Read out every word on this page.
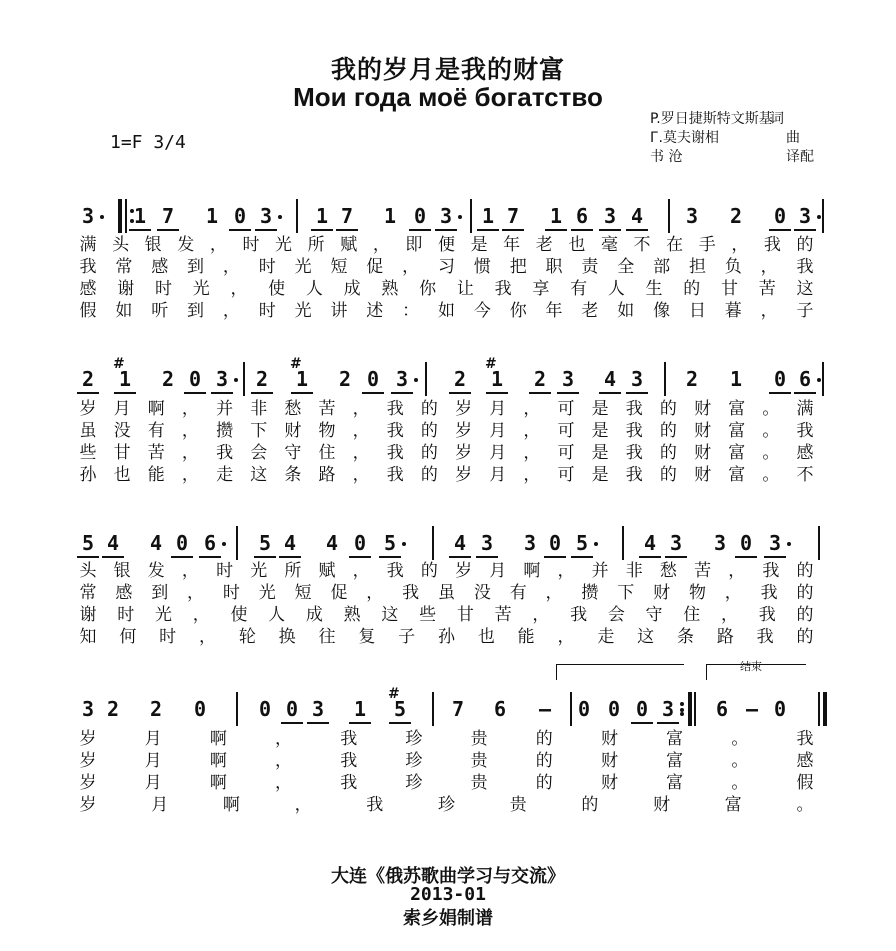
我的岁月是我的财富
Мои года моё богатство
1=F 3/4
P.罗日捷斯特文斯基词
Г.莫夫谢相	曲
书 沧	译配
3 1 7 1 0 3 1 7 1 0 3 1 7 1 6 3 4 3 2 0 3
满 头 银 发 ， 时 光 所 赋 ， 即 便 是 年 老 也 毫 不 在 手 ， 我 的
我 常 感 到 ， 时 光 短 促 ， 习 惯 把 职 责 全 部 担 负 ， 我
感 谢 时 光 ， 使 人 成 熟 你 让 我 享 有 人 生 的 甘 苦 这
假 如 听 到 ， 时 光 讲 述 ： 如 今 你 年 老 如 像 日 暮 ， 子
2 1
#
2 0 3 2 1
#
2 0 3 2 1
#
2 3 4 3 2 1 0 6
岁 月 啊 ， 并 非 愁 苦 ， 我 的 岁 月 ， 可 是 我 的 财 富 。 满
虽 没 有 ， 攒 下 财 物 ， 我 的 岁 月 ， 可 是 我 的 财 富 。 我
些 甘 苦 ， 我 会 守 住 ， 我 的 岁 月 ， 可 是 我 的 财 富 。 感
孙 也 能 ， 走 这 条 路 ， 我 的 岁 月 ， 可 是 我 的 财 富 。 不
5 4 4 0 6 5 4 4 0 5	4 3 3 0 5	4 3 3 0 3
头 银 发 ， 时 光 所 赋 ， 我 的 岁 月 啊 ， 并 非 愁 苦 ， 我 的
常 感 到 ， 时 光 短 促 ， 我 虽 没 有 ， 攒 下 财 物 ， 我 的
谢 时 光 ， 使 人 成 熟 这 些 甘 苦 ， 我 会 守 住 ， 我 的
知 何 时 ， 轮 换 往 复 子 孙 也 能 ， 走 这 条 路 我 的
3 2 2 0	0 0 3 1 5
#
7 6 – 0 0 0 3 6 – 0
岁	月	啊	，	我	珍	贵	的	财	富	。	我
岁	月	啊	，	我	珍	贵	的	财	富	。	感
岁	月	啊	，	我	珍	贵	的	财	富	。	假
岁	月	啊	，	我	珍	贵	的	财	富	。
结束
大连《俄苏歌曲学习与交流》
2013-01
索乡娟制谱
